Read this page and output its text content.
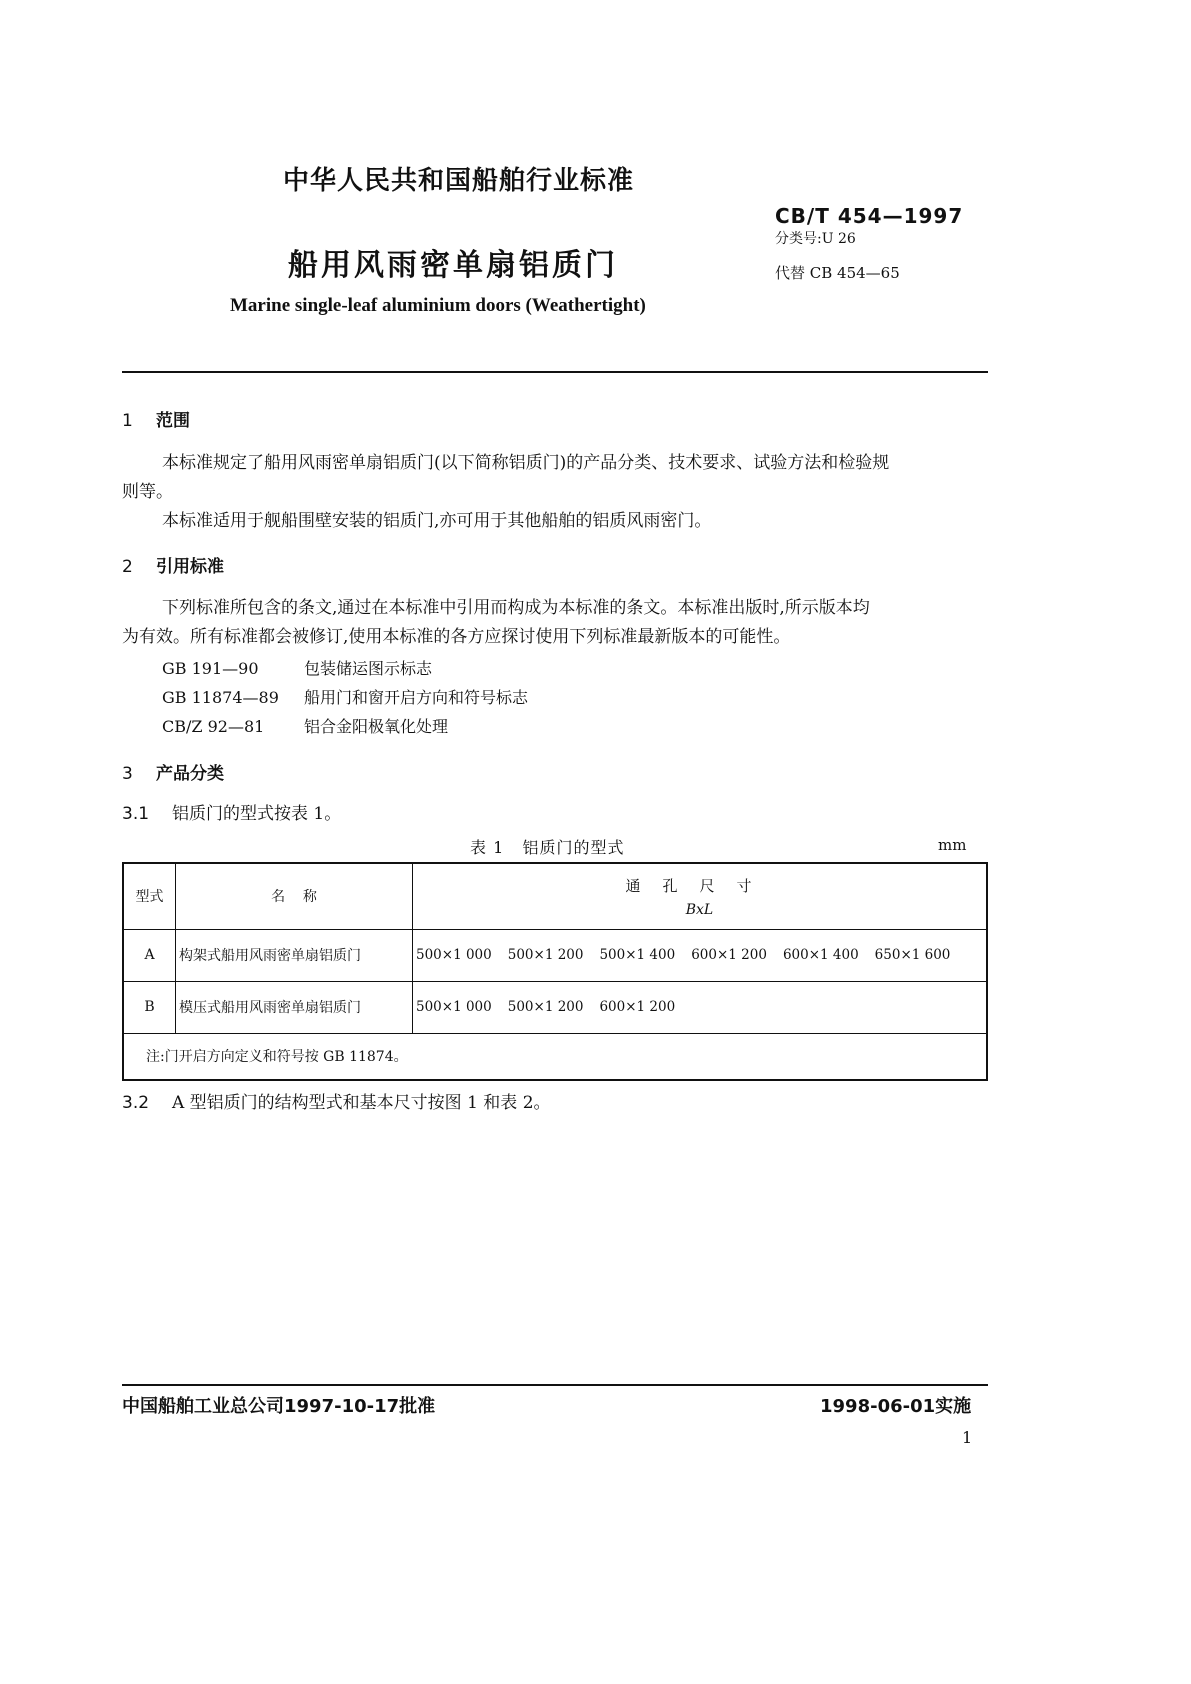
中华人民共和国船舶行业标准
船用风雨密单扇铝质门
Marine single-leaf aluminium doors (Weathertight)
CB/T 454—1997
分类号:U 26
代替 CB 454—65
1 范围
本标准规定了船用风雨密单扇铝质门(以下简称铝质门)的产品分类、技术要求、试验方法和检验规
则等。
本标准适用于舰船围壁安装的铝质门,亦可用于其他船舶的铝质风雨密门。
2 引用标准
下列标准所包含的条文,通过在本标准中引用而构成为本标准的条文。本标准出版时,所示版本均
为有效。所有标准都会被修订,使用本标准的各方应探讨使用下列标准最新版本的可能性。
GB 191—90	包装储运图示标志
GB 11874—89 船用门和窗开启方向和符号标志
CB/Z 92—81 铝合金阳极氧化处理
3 产品分类
3.1 铝质门的型式按表 1。
表 1   铝质门的型式	mm
型式	名    称	通孔尺寸
BxL

A	构架式船用风雨密单扇铝质门	500×1 000 500×1 200 500×1 400 600×1 200 600×1 400 650×1 600
B	模压式船用风雨密单扇铝质门	500×1 000 500×1 200 600×1 200
注:门开启方向定义和符号按 GB 11874。		
3.2 A 型铝质门的结构型式和基本尺寸按图 1 和表 2。
中国船舶工业总公司1997-10-17批准	1998-06-01实施
1
